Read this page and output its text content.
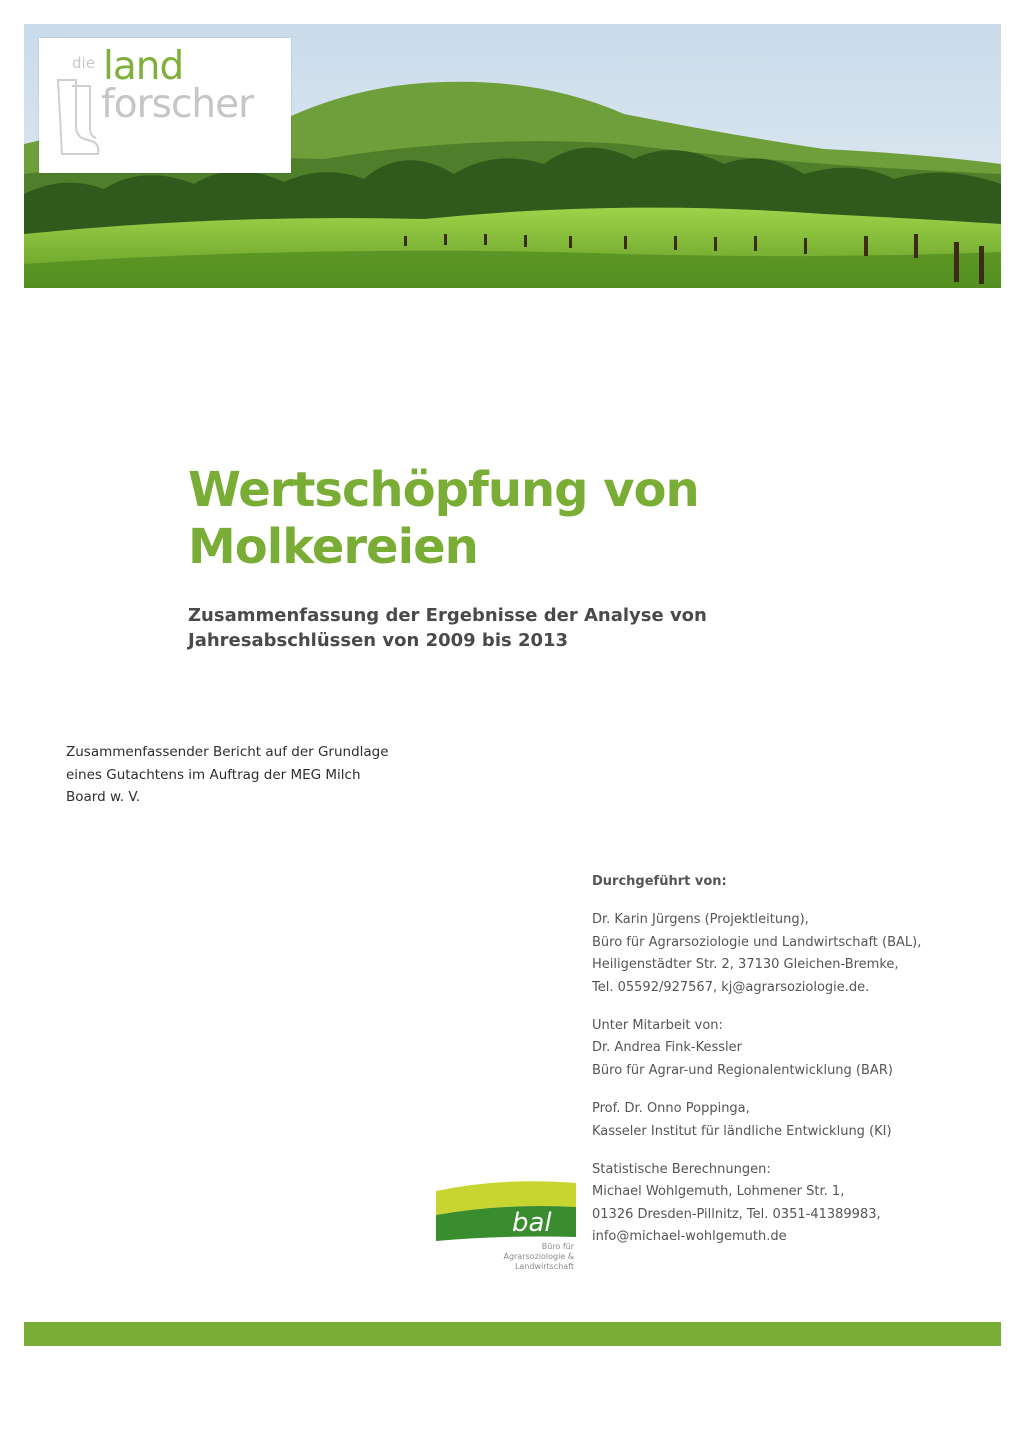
die land
forscher
Wertschöpfung von
Molkereien
Zusammenfassung der Ergebnisse der Analyse von
Jahresabschlüssen von 2009 bis 2013
Zusammenfassender Bericht auf der Grundlage
eines Gutachtens im Auftrag der MEG Milch
Board w. V.
Durchgeführt von:
Dr. Karin Jürgens (Projektleitung),
Büro für Agrarsoziologie und Landwirtschaft (BAL),
Heiligenstädter Str. 2, 37130 Gleichen-Bremke,
Tel. 05592/927567, kj@agrarsoziologie.de.
Unter Mitarbeit von:
Dr. Andrea Fink-Kessler
Büro für Agrar-und Regionalentwicklung (BAR)
Prof. Dr. Onno Poppinga,
Kasseler Institut für ländliche Entwicklung (KI)
Statistische Berechnungen:
Michael Wohlgemuth, Lohmener Str. 1,
01326 Dresden-Pillnitz, Tel. 0351-41389983,
info@michael-wohlgemuth.de
bal
Büro für
Agrarsoziologie &
Landwirtschaft
